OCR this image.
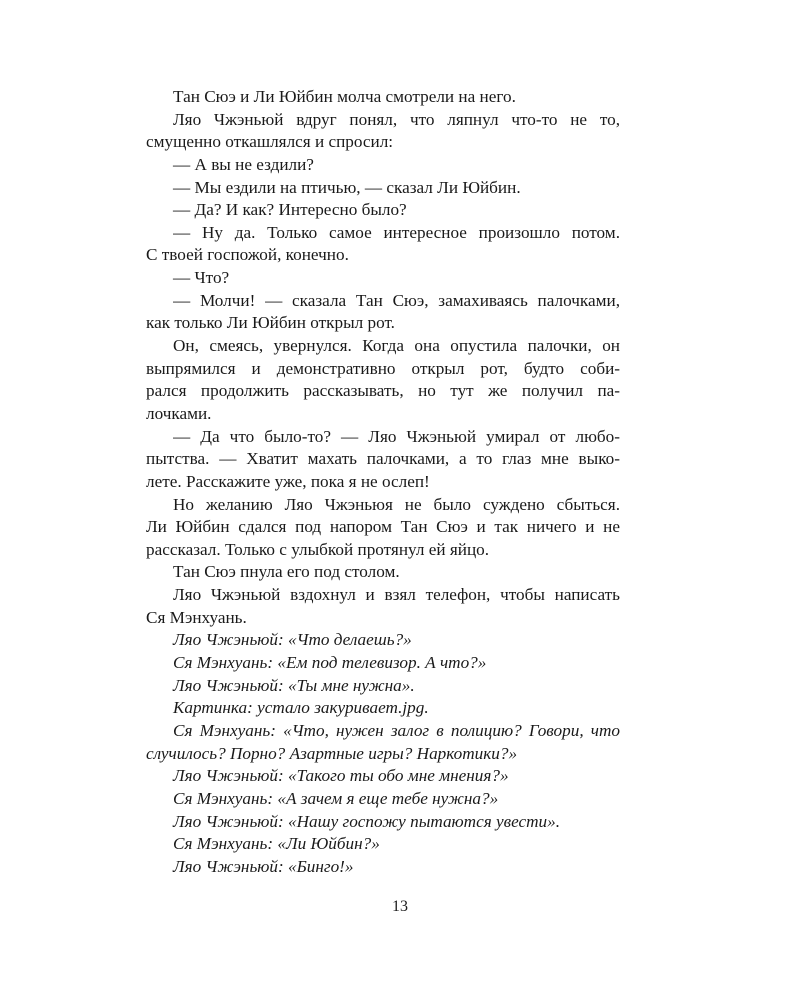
Тан Сюэ и Ли Юйбин молча смотрели на него.
Ляо Чжэньюй вдруг понял, что ляпнул что-то не то,
смущенно откашлялся и спросил:
— А вы не ездили?
— Мы ездили на птичью, — сказал Ли Юйбин.
— Да? И как? Интересно было?
— Ну да. Только самое интересное произошло потом.
С твоей госпожой, конечно.
— Что?
— Молчи! — сказала Тан Сюэ, замахиваясь палочками,
как только Ли Юйбин открыл рот.
Он, смеясь, увернулся. Когда она опустила палочки, он
выпрямился и демонстративно открыл рот, будто соби-
рался продолжить рассказывать, но тут же получил па-
лочками.
— Да что было-то? — Ляо Чжэньюй умирал от любо-
пытства. — Хватит махать палочками, а то глаз мне выко-
лете. Расскажите уже, пока я не ослеп!
Но желанию Ляо Чжэньюя не было суждено сбыться.
Ли Юйбин сдался под напором Тан Сюэ и так ничего и не
рассказал. Только с улыбкой протянул ей яйцо.
Тан Сюэ пнула его под столом.
Ляо Чжэньюй вздохнул и взял телефон, чтобы написать
Ся Мэнхуань.
Ляо Чжэньюй: «Что делаешь?»
Ся Мэнхуань: «Ем под телевизор. А что?»
Ляо Чжэньюй: «Ты мне нужна».
Картинка: устало закуривает.jpg.
Ся Мэнхуань: «Что, нужен залог в полицию? Говори, что
случилось? Порно? Азартные игры? Наркотики?»
Ляо Чжэньюй: «Такого ты обо мне мнения?»
Ся Мэнхуань: «А зачем я еще тебе нужна?»
Ляо Чжэньюй: «Нашу госпожу пытаются увести».
Ся Мэнхуань: «Ли Юйбин?»
Ляо Чжэньюй: «Бинго!»
13
